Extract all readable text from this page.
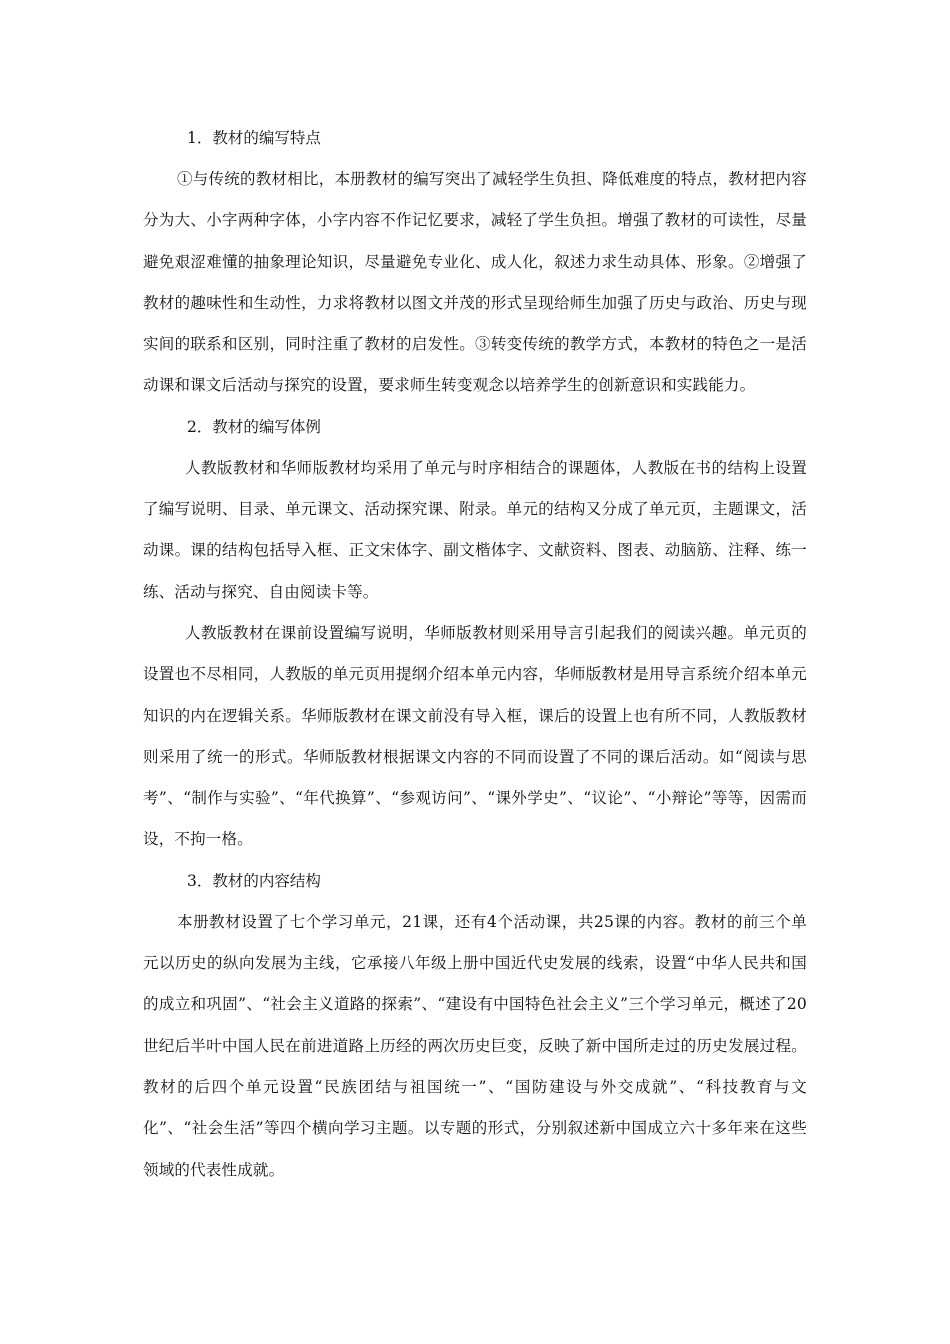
1．教材的编写特点

①与传统的教材相比，本册教材的编写突出了减轻学生负担、降低难度的特点，教材把内容分为大、小字两种字体，小字内容不作记忆要求，减轻了学生负担。增强了教材的可读性，尽量避免艰涩难懂的抽象理论知识，尽量避免专业化、成人化，叙述力求生动具体、形象。②增强了教材的趣味性和生动性，力求将教材以图文并茂的形式呈现给师生加强了历史与政治、历史与现实间的联系和区别，同时注重了教材的启发性。③转变传统的教学方式，本教材的特色之一是活动课和课文后活动与探究的设置，要求师生转变观念以培养学生的创新意识和实践能力。

2．教材的编写体例

人教版教材和华师版教材均采用了单元与时序相结合的课题体，人教版在书的结构上设置了编写说明、目录、单元课文、活动探究课、附录。单元的结构又分成了单元页，主题课文，活动课。课的结构包括导入框、正文宋体字、副文楷体字、文献资料、图表、动脑筋、注释、练一练、活动与探究、自由阅读卡等。

人教版教材在课前设置编写说明，华师版教材则采用导言引起我们的阅读兴趣。单元页的设置也不尽相同，人教版的单元页用提纲介绍本单元内容，华师版教材是用导言系统介绍本单元知识的内在逻辑关系。华师版教材在课文前没有导入框，课后的设置上也有所不同，人教版教材则采用了统一的形式。华师版教材根据课文内容的不同而设置了不同的课后活动。如“阅读与思考”、“制作与实验”、“年代换算”、“参观访问”、“课外学史”、“议论”、“小辩论”等等，因需而设，不拘一格。

3．教材的内容结构

本册教材设置了七个学习单元，21课，还有4个活动课，共25课的内容。教材的前三个单元以历史的纵向发展为主线，它承接八年级上册中国近代史发展的线索，设置“中华人民共和国的成立和巩固”、“社会主义道路的探索”、“建设有中国特色社会主义”三个学习单元，概述了20世纪后半叶中国人民在前进道路上历经的两次历史巨变，反映了新中国所走过的历史发展过程。教材的后四个单元设置“民族团结与祖国统一”、“国防建设与外交成就”、“科技教育与文化”、“社会生活”等四个横向学习主题。以专题的形式，分别叙述新中国成立六十多年来在这些领域的代表性成就。
